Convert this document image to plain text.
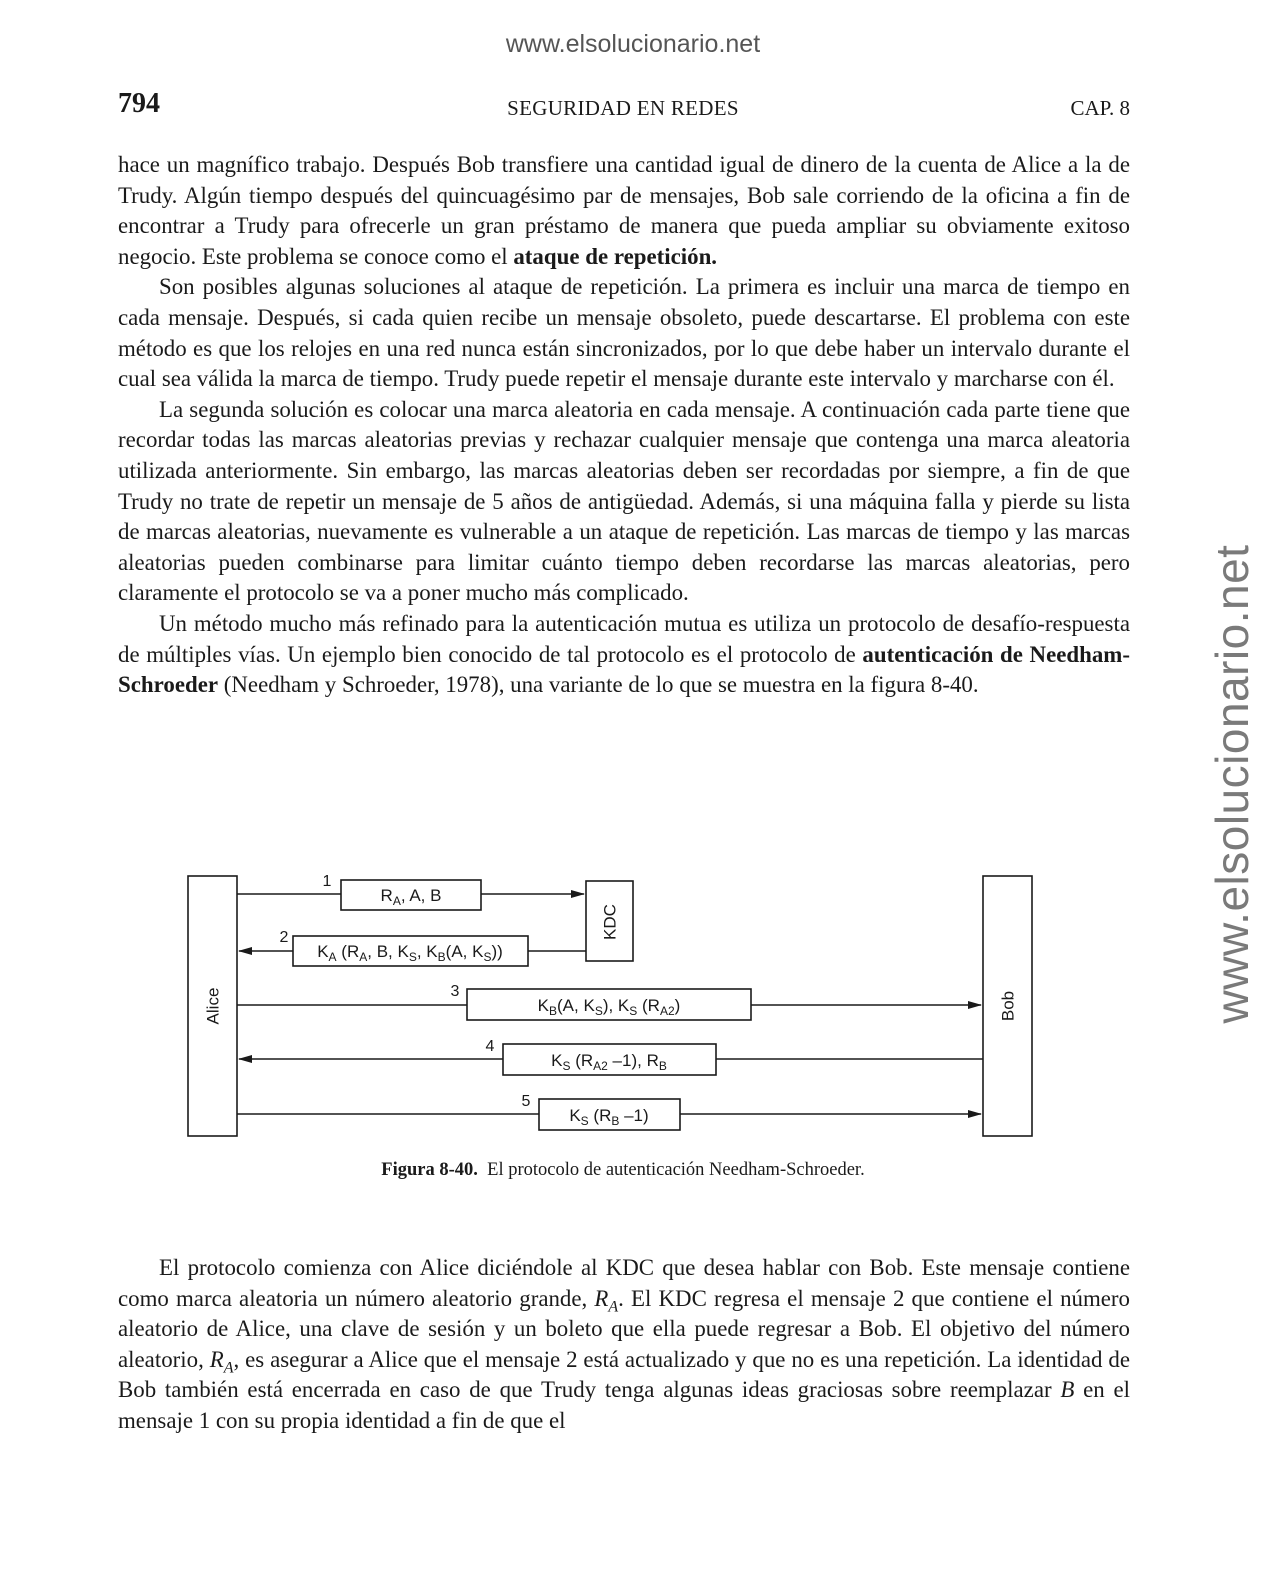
www.elsolucionario.net
www.elsolucionario.net
794	SEGURIDAD EN REDES	CAP. 8

hace un magnífico trabajo. Después Bob transfiere una cantidad igual de dinero de la cuenta de Alice a la de Trudy. Algún tiempo después del quincuagésimo par de mensajes, Bob sale corriendo de la oficina a fin de encontrar a Trudy para ofrecerle un gran préstamo de manera que pueda ampliar su obviamente exitoso negocio. Este problema se conoce como el ataque de repetición.

Son posibles algunas soluciones al ataque de repetición. La primera es incluir una marca de tiempo en cada mensaje. Después, si cada quien recibe un mensaje obsoleto, puede descartarse. El problema con este método es que los relojes en una red nunca están sincronizados, por lo que debe haber un intervalo durante el cual sea válida la marca de tiempo. Trudy puede repetir el mensaje durante este intervalo y marcharse con él.

La segunda solución es colocar una marca aleatoria en cada mensaje. A continuación cada parte tiene que recordar todas las marcas aleatorias previas y rechazar cualquier mensaje que contenga una marca aleatoria utilizada anteriormente. Sin embargo, las marcas aleatorias deben ser recordadas por siempre, a fin de que Trudy no trate de repetir un mensaje de 5 años de antigüedad. Además, si una máquina falla y pierde su lista de marcas aleatorias, nuevamente es vulnerable a un ataque de repetición. Las marcas de tiempo y las marcas aleatorias pueden combinarse para limitar cuánto tiempo deben recordarse las marcas aleatorias, pero claramente el protocolo se va a poner mucho más complicado.

Un método mucho más refinado para la autenticación mutua es utiliza un protocolo de desafío-respuesta de múltiples vías. Un ejemplo bien conocido de tal protocolo es el protocolo de autenticación de Needham-Schroeder (Needham y Schroeder, 1978), una variante de lo que se muestra en la figura 8-40.

Alice
KDC
Bob
1
2
3
4
5
$R_A$, A, B
$K_A$ ($R_A$, B, $K_S$, $K_B(A$, $K_S$))
$K_B(A$, $K_S$), $K_S$ $(R_{A2})$
$K_S$ ($R_{A2}$ –1), $R_B$
$K_S$ ($R_B$ –1)
Figura 8-40. El protocolo de autenticación Needham-Schroeder.

El protocolo comienza con Alice diciéndole al KDC que desea hablar con Bob. Este mensaje contiene como marca aleatoria un número aleatorio grande, $R_A$. El KDC regresa el mensaje 2 que contiene el número aleatorio de Alice, una clave de sesión y un boleto que ella puede regresar a Bob. El objetivo del número aleatorio, $R_A$, es asegurar a Alice que el mensaje 2 está actualizado y que no es una repetición. La identidad de Bob también está encerrada en caso de que Trudy tenga algunas ideas graciosas sobre reemplazar B en el mensaje 1 con su propia identidad a fin de que el
